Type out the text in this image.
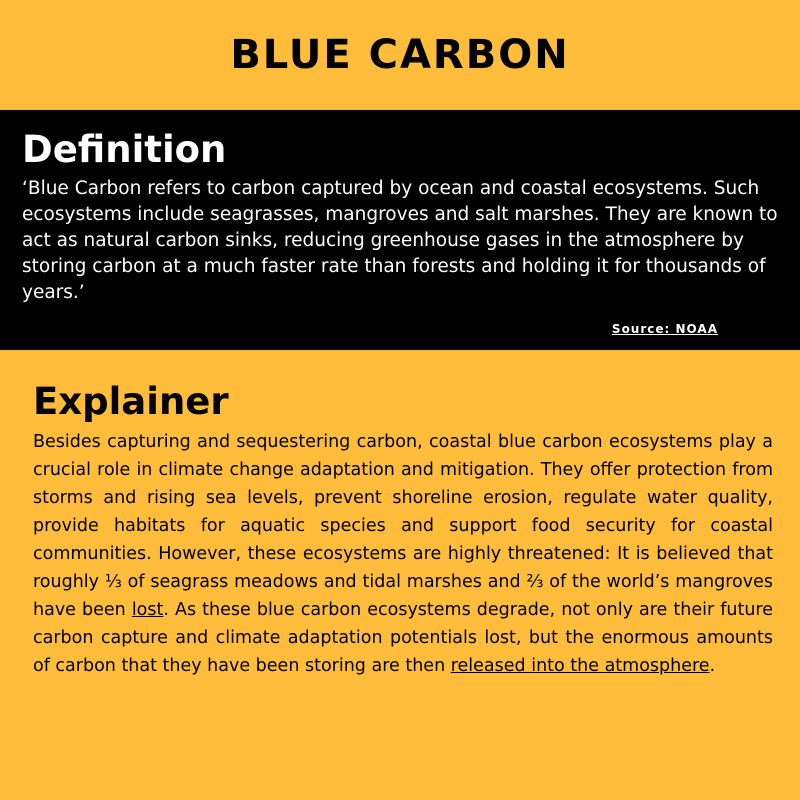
BLUE CARBON
Definition

‘Blue Carbon refers to carbon captured by ocean and coastal ecosystems. Such ecosystems include seagrasses, mangroves and salt marshes. They are known to act as natural carbon sinks, reducing greenhouse gases in the atmosphere by storing carbon at a much faster rate than forests and holding it for thousands of years.’

Source: NOAA
Explainer

Besides capturing and sequestering carbon, coastal blue carbon ecosystems play a crucial role in climate change adaptation and mitigation. They offer protection from storms and rising sea levels, prevent shoreline erosion, regulate water quality, provide habitats for aquatic species and support food security for coastal communities. However, these ecosystems are highly threatened: It is believed that roughly ⅓ of seagrass meadows and tidal marshes and ⅔ of the world’s mangroves have been lost. As these blue carbon ecosystems degrade, not only are their future carbon capture and climate adaptation potentials lost, but the enormous amounts of carbon that they have been storing are then released into the atmosphere.
